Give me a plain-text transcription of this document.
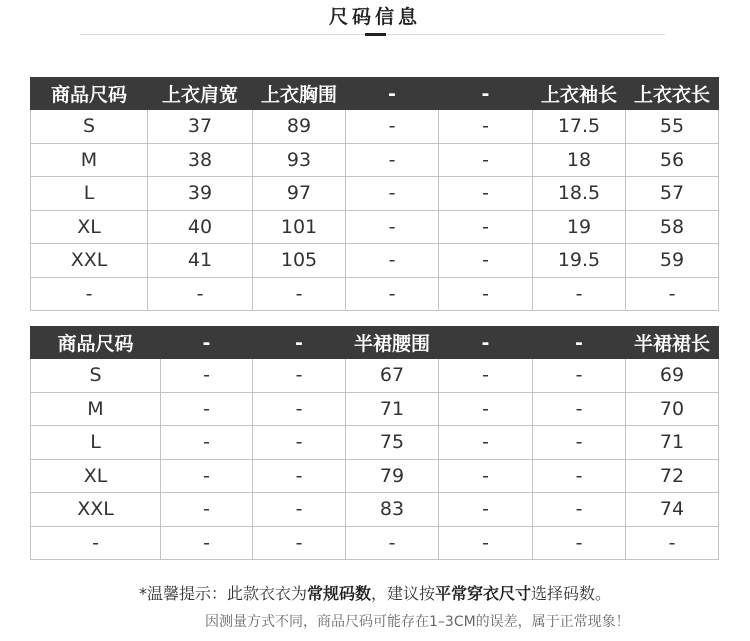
尺码信息
商品尺码	上衣肩宽	上衣胸围	-	-	上衣袖长	上衣衣长
S	37	89	-	-	17.5	55
M	38	93	-	-	18	56
L	39	97	-	-	18.5	57
XL	40	101	-	-	19	58
XXL	41	105	-	-	19.5	59
-	-	-	-	-	-	-
商品尺码	-	-	半裙腰围	-	-	半裙裙长
S	-	-	67	-	-	69
M	-	-	71	-	-	70
L	-	-	75	-	-	71
XL	-	-	79	-	-	72
XXL	-	-	83	-	-	74
-	-	-	-	-	-	-
*温馨提示：此款衣衣为常规码数，建议按平常穿衣尺寸选择码数。
因测量方式不同，商品尺码可能存在1–3CM的误差，属于正常现象！
